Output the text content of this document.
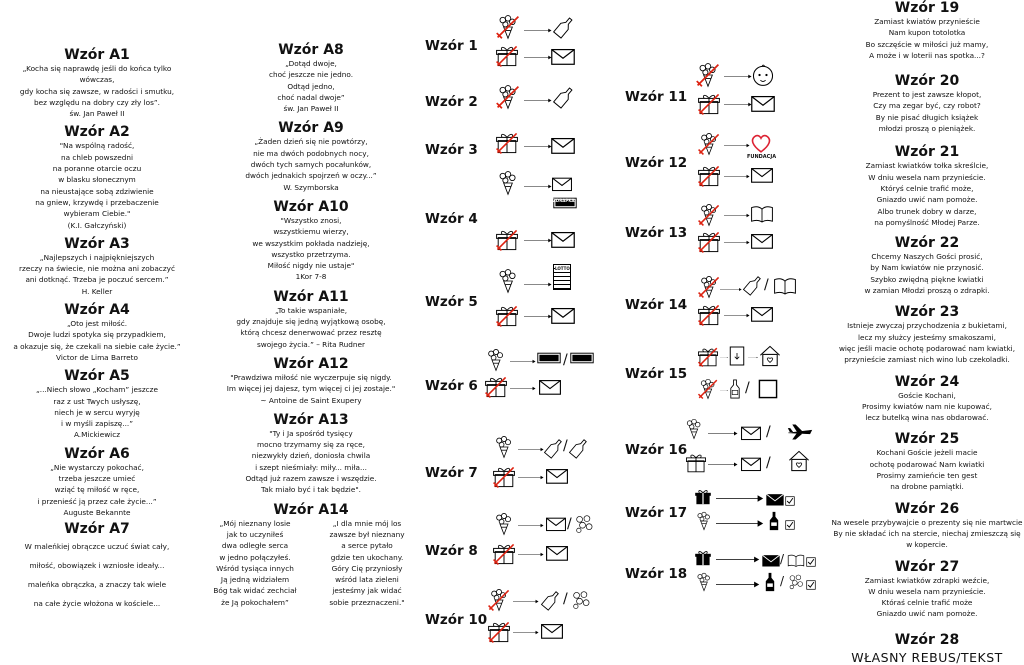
Wzór A1

„Kocha się naprawdę jeśli do końca tylko wówczas,
gdy kocha się zawsze, w radości i smutku,
bez względu na dobry czy zły los”.
św. Jan Paweł II

Wzór A2

"Na wspólną radość,
na chleb powszedni
na poranne otarcie oczu
w blasku słonecznym
na nieustające sobą zdziwienie
na gniew, krzywdę i przebaczenie
wybieram Ciebie."
(K.I. Gałczyński)

Wzór A3

„Najlepszych i najpiękniejszych
rzeczy na świecie, nie można ani zobaczyć
ani dotknąć. Trzeba je poczuć sercem.”
H. Keller

Wzór A4

„Oto jest miłość.
Dwoje ludzi spotyka się przypadkiem,
a okazuje się, że czekali na siebie całe życie.”
Victor de Lima Barreto

Wzór A5

„...Niech słowo „Kocham” jeszcze
raz z ust Twych usłyszę,
niech je w sercu wyryję
i w myśli zapiszę...”
A.Mickiewicz

Wzór A6

„Nie wystarczy pokochać,
trzeba jeszcze umieć
wziąć tę miłość w ręce,
i przenieść ją przez całe życie...”
Auguste Bekannte

Wzór A7

W maleńkiej obrączce uczuć świat cały,
miłość, obowiązek i wzniosłe ideały...
maleńka obrączka, a znaczy tak wiele
na całe życie włożona w kościele...

Wzór A8

„Dotąd dwoje,
choć jeszcze nie jedno.
Odtąd jedno,
choć nadal dwoje”
św. Jan Paweł II

Wzór A9

„Żaden dzień się nie powtórzy,
nie ma dwóch podobnych nocy,
dwóch tych samych pocałunków,
dwóch jednakich spojrzeń w oczy...”
W. Szymborska

Wzór A10

"Wszystko znosi,
wszystkiemu wierzy,
we wszystkim pokłada nadzieję,
wszystko przetrzyma.
Miłość nigdy nie ustaje"
1Kor 7-8

Wzór A11

„To takie wspaniałe,
gdy znajduje się jedną wyjątkową osobę,
którą chcesz denerwować przez resztę
swojego życia.” – Rita Rudner

Wzór A12

"Prawdziwa miłość nie wyczerpuje się nigdy.
Im więcej jej dajesz, tym więcej ci jej zostaje."
~ Antoine de Saint Exupery

Wzór A13

"Ty i Ja spośród tysięcy
mocno trzymamy się za ręce,
niezwykły dzień, doniosła chwila
i szept nieśmiały: miły... miła...
Odtąd już razem zawsze i wszędzie.
Tak miało być i tak będzie".

Wzór A14

„Mój nieznany losie
jak to uczyniłeś
dwa odległe serca
w jedno połączyłeś.
Wśród tysiąca innych
Ją jedną widziałem
Bóg tak widać zechciał
że Ją pokochałem”

„I dla mnie mój los
zawsze był nieznany
a serce pytało
gdzie ten ukochany.
Góry Cię przyniosły
wśród lata zieleni
jesteśmy jak widać
sobie przeznaczeni."

Wzór 1
Wzór 2
Wzór 3
Wzór 4
Wzór 5
Wzór 6
Wzór 7
Wzór 8
Wzór 10
Wzór 11
Wzór 12
Wzór 13
Wzór 14
Wzór 15
Wzór 16
Wzór 17
Wzór 18
ZDRAPKA
LOTTO
/
/
/
/
FUNDACJA
/
/
/
/
/
/

Wzór 19

Zamiast kwiatów przynieście
Nam kupon totolotka
Bo szczęście w miłości już mamy,
A może i w loterii nas spotka...?

Wzór 20

Prezent to jest zawsze kłopot,
Czy ma zegar być, czy robot?
By nie pisać długich książek
młodzi proszą o pieniążek.

Wzór 21

Zamiast kwiatków tołka skreślcie,
W dniu wesela nam przynieście.
Któryś celnie trafić może,
Gniazdo uwić nam pomoże.
Albo trunek dobry w darze,
na pomyślność Młodej Parze.

Wzór 22

Chcemy Naszych Gości prosić,
by Nam kwiatów nie przynosić.
Szybko zwiędną piękne kwiatki
w zamian Młodzi proszą o zdrapki.

Wzór 23

Istnieje zwyczaj przychodzenia z bukietami,
lecz my służcy jesteśmy smakoszami,
więc jeśli macie ochotę podarować nam kwiatki,
przynieście zamiast nich wino lub czekoladki.

Wzór 24

Goście Kochani,
Prosimy kwiatów nam nie kupować,
lecz butelką wina nas obdarować.

Wzór 25

Kochani Goście jeżeli macie
ochotę podarować Nam kwiatki
Prosimy zamieńcie ten gest
na drobne pamiątki.

Wzór 26

Na wesele przybywajcie o prezenty się nie martwcie
By nie składać ich na stercie, niechaj zmieszczą się
w kopercie.

Wzór 27

Zamiast kwiatków zdrapki weźcie,
W dniu wesela nam przynieście.
Któraś celnie trafić może
Gniazdo uwić nam pomoże.

Wzór 28

WŁASNY REBUS/TEKST
